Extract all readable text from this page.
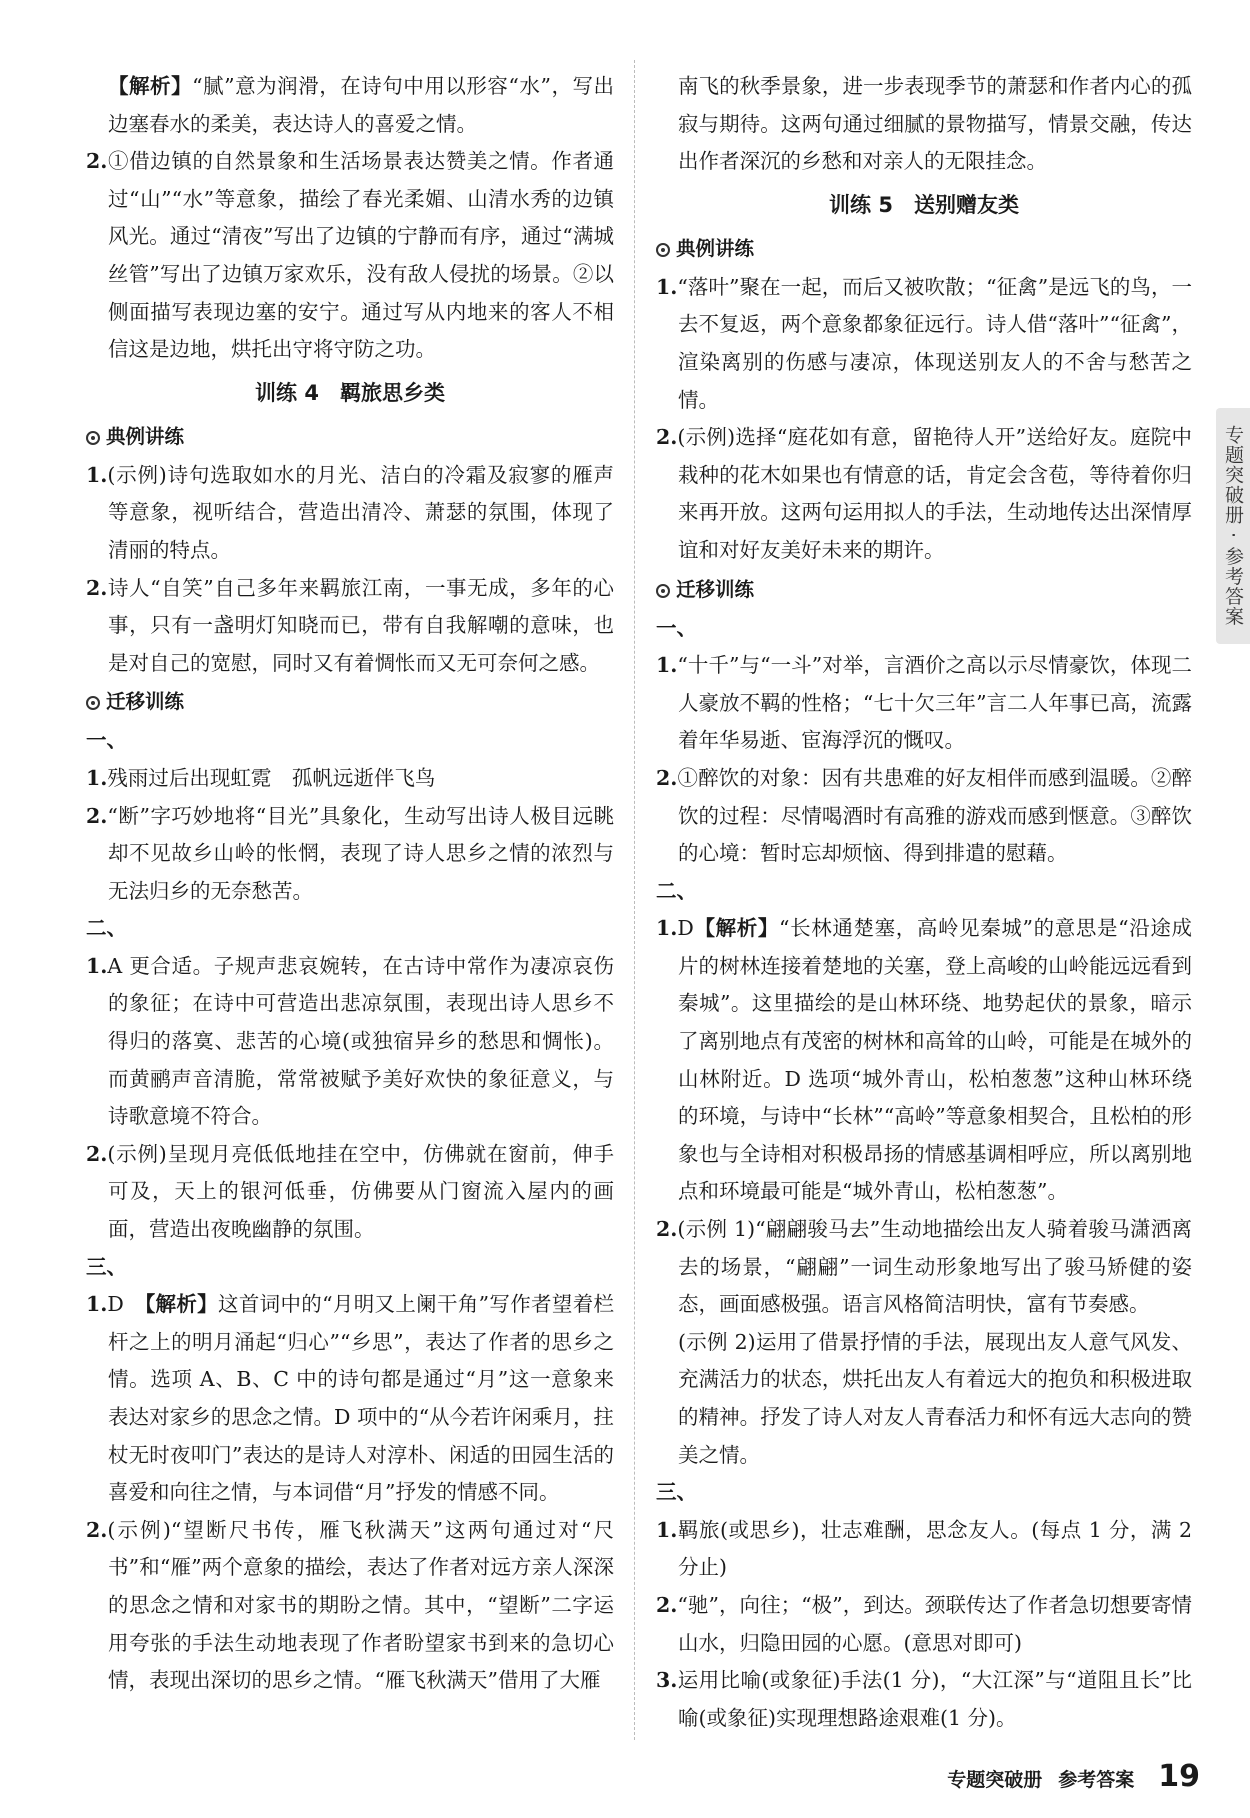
【解析】“腻”意为润滑，在诗句中用以形容“水”，写出边塞春水的柔美，表达诗人的喜爱之情。

2.①借边镇的自然景象和生活场景表达赞美之情。作者通过“山”“水”等意象，描绘了春光柔媚、山清水秀的边镇风光。通过“清夜”写出了边镇的宁静而有序，通过“满城丝管”写出了边镇万家欢乐，没有敌人侵扰的场景。②以侧面描写表现边塞的安宁。通过写从内地来的客人不相信这是边地，烘托出守将守防之功。

训练 4　羁旅思乡类
典例讲练

1.(示例)诗句选取如水的月光、洁白的冷霜及寂寥的雁声等意象，视听结合，营造出清冷、萧瑟的氛围，体现了清丽的特点。

2.诗人“自笑”自己多年来羁旅江南，一事无成，多年的心事，只有一盏明灯知晓而已，带有自我解嘲的意味，也是对自己的宽慰，同时又有着惆怅而又无可奈何之感。

迁移训练
一、

1.残雨过后出现虹霓　孤帆远逝伴飞鸟

2.“断”字巧妙地将“目光”具象化，生动写出诗人极目远眺却不见故乡山岭的怅惘，表现了诗人思乡之情的浓烈与无法归乡的无奈愁苦。

二、

1.A 更合适。子规声悲哀婉转，在古诗中常作为凄凉哀伤的象征；在诗中可营造出悲凉氛围，表现出诗人思乡不得归的落寞、悲苦的心境(或独宿异乡的愁思和惆怅)。而黄鹂声音清脆，常常被赋予美好欢快的象征意义，与诗歌意境不符合。

2.(示例)呈现月亮低低地挂在空中，仿佛就在窗前，伸手可及，天上的银河低垂，仿佛要从门窗流入屋内的画面，营造出夜晚幽静的氛围。

三、

1.D　【解析】这首词中的“月明又上阑干角”写作者望着栏杆之上的明月涌起“归心”“乡思”，表达了作者的思乡之情。选项 A、B、C 中的诗句都是通过“月”这一意象来表达对家乡的思念之情。D 项中的“从今若许闲乘月，拄杖无时夜叩门”表达的是诗人对淳朴、闲适的田园生活的喜爱和向往之情，与本词借“月”抒发的情感不同。

2.(示例)“望断尺书传，雁飞秋满天”这两句通过对“尺书”和“雁”两个意象的描绘，表达了作者对远方亲人深深的思念之情和对家书的期盼之情。其中，“望断”二字运用夸张的手法生动地表现了作者盼望家书到来的急切心情，表现出深切的思乡之情。“雁飞秋满天”借用了大雁

南飞的秋季景象，进一步表现季节的萧瑟和作者内心的孤寂与期待。这两句通过细腻的景物描写，情景交融，传达出作者深沉的乡愁和对亲人的无限挂念。

训练 5　送别赠友类
典例讲练

1.“落叶”聚在一起，而后又被吹散；“征禽”是远飞的鸟，一去不复返，两个意象都象征远行。诗人借“落叶”“征禽”，渲染离别的伤感与凄凉，体现送别友人的不舍与愁苦之情。

2.(示例)选择“庭花如有意，留艳待人开”送给好友。庭院中栽种的花木如果也有情意的话，肯定会含苞，等待着你归来再开放。这两句运用拟人的手法，生动地传达出深情厚谊和对好友美好未来的期许。

迁移训练
一、

1.“十千”与“一斗”对举，言酒价之高以示尽情豪饮，体现二人豪放不羁的性格；“七十欠三年”言二人年事已高，流露着年华易逝、宦海浮沉的慨叹。

2.①醉饮的对象：因有共患难的好友相伴而感到温暖。②醉饮的过程：尽情喝酒时有高雅的游戏而感到惬意。③醉饮的心境：暂时忘却烦恼、得到排遣的慰藉。

二、

1.D【解析】“长林通楚塞，高岭见秦城”的意思是“沿途成片的树林连接着楚地的关塞，登上高峻的山岭能远远看到秦城”。这里描绘的是山林环绕、地势起伏的景象，暗示了离别地点有茂密的树林和高耸的山岭，可能是在城外的山林附近。D 选项“城外青山，松柏葱葱”这种山林环绕的环境，与诗中“长林”“高岭”等意象相契合，且松柏的形象也与全诗相对积极昂扬的情感基调相呼应，所以离别地点和环境最可能是“城外青山，松柏葱葱”。

2.(示例 1)“翩翩骏马去”生动地描绘出友人骑着骏马潇洒离去的场景，“翩翩”一词生动形象地写出了骏马矫健的姿态，画面感极强。语言风格简洁明快，富有节奏感。

(示例 2)运用了借景抒情的手法，展现出友人意气风发、充满活力的状态，烘托出友人有着远大的抱负和积极进取的精神。抒发了诗人对友人青春活力和怀有远大志向的赞美之情。

三、

1.羁旅(或思乡)，壮志难酬，思念友人。(每点 1 分，满 2 分止)

2.“驰”，向往；“极”，到达。颈联传达了作者急切想要寄情山水，归隐田园的心愿。(意思对即可)

3.运用比喻(或象征)手法(1 分)，“大江深”与“道阻且长”比喻(或象征)实现理想路途艰难(1 分)。

专题突破册 · 参考答案
专题突破册 参考答案 19
